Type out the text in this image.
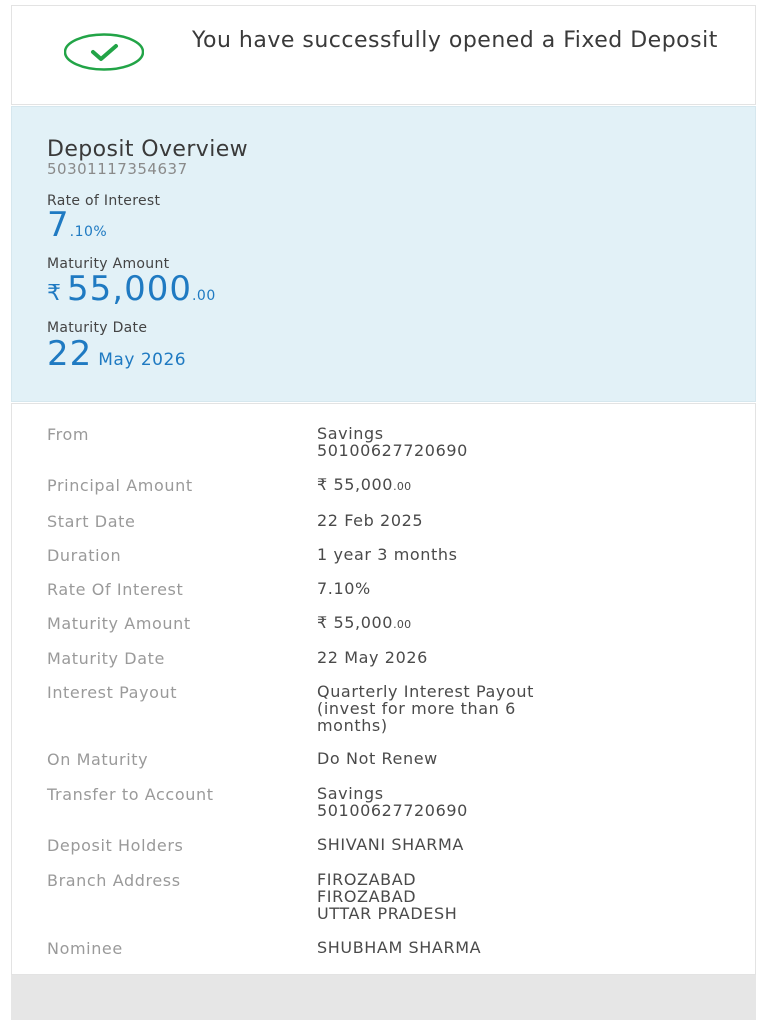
You have successfully opened a Fixed Deposit
Deposit Overview
50301117354637
Rate of Interest
7.10%
Maturity Amount
₹ 55,000.00
Maturity Date
22 May 2026
From	Savings
50100627720690
Principal Amount	₹ 55,000.00
Start Date	22 Feb 2025
Duration	1 year 3 months
Rate Of Interest	7.10%
Maturity Amount	₹ 55,000.00
Maturity Date	22 May 2026
Interest Payout	Quarterly Interest Payout
(invest for more than 6
months)
On Maturity	Do Not Renew
Transfer to Account	Savings
50100627720690
Deposit Holders	SHIVANI SHARMA
Branch Address	FIROZABAD
FIROZABAD
UTTAR PRADESH
Nominee	SHUBHAM SHARMA
